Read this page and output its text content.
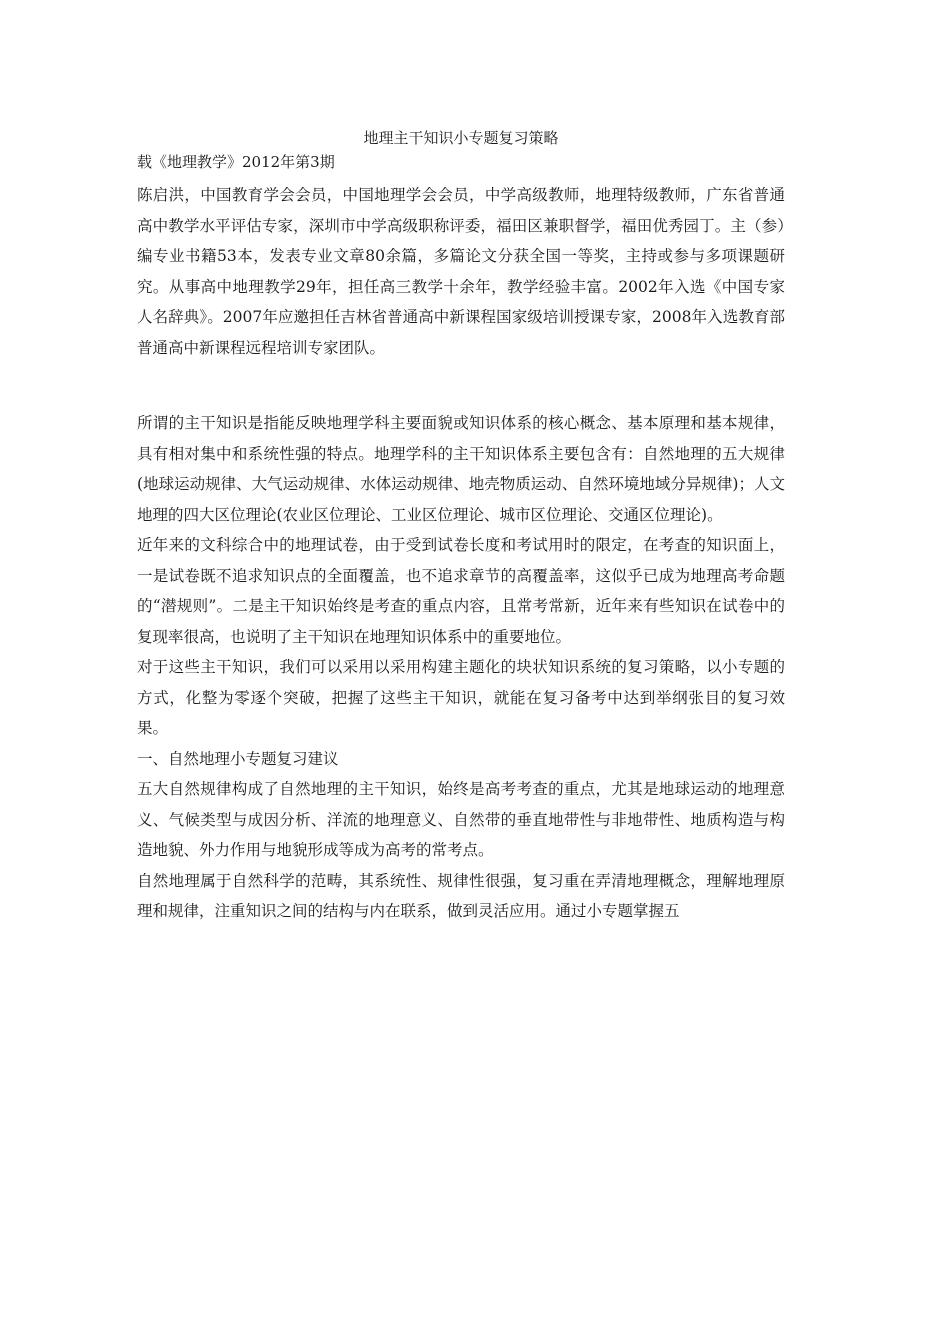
地理主干知识小专题复习策略

载《地理教学》2012年第3期

陈启洪，中国教育学会会员，中国地理学会会员，中学高级教师，地理特级教师，广东省普通高中教学水平评估专家，深圳市中学高级职称评委，福田区兼职督学，福田优秀园丁。主（参）编专业书籍53本，发表专业文章80余篇，多篇论文分获全国一等奖，主持或参与多项课题研究。从事高中地理教学29年，担任高三教学十余年，教学经验丰富。2002年入选《中国专家人名辞典》。2007年应邀担任吉林省普通高中新课程国家级培训授课专家，2008年入选教育部普通高中新课程远程培训专家团队。

所谓的主干知识是指能反映地理学科主要面貌或知识体系的核心概念、基本原理和基本规律，具有相对集中和系统性强的特点。地理学科的主干知识体系主要包含有：自然地理的五大规律(地球运动规律、大气运动规律、水体运动规律、地壳物质运动、自然环境地域分异规律)；人文地理的四大区位理论(农业区位理论、工业区位理论、城市区位理论、交通区位理论)。

近年来的文科综合中的地理试卷，由于受到试卷长度和考试用时的限定，在考查的知识面上，一是试卷既不追求知识点的全面覆盖，也不追求章节的高覆盖率，这似乎已成为地理高考命题的“潜规则”。二是主干知识始终是考查的重点内容，且常考常新，近年来有些知识在试卷中的复现率很高，也说明了主干知识在地理知识体系中的重要地位。

对于这些主干知识，我们可以采用以采用构建主题化的块状知识系统的复习策略，以小专题的方式，化整为零逐个突破，把握了这些主干知识，就能在复习备考中达到举纲张目的复习效果。

一、自然地理小专题复习建议

五大自然规律构成了自然地理的主干知识，始终是高考考查的重点，尤其是地球运动的地理意义、气候类型与成因分析、洋流的地理意义、自然带的垂直地带性与非地带性、地质构造与构造地貌、外力作用与地貌形成等成为高考的常考点。

自然地理属于自然科学的范畴，其系统性、规律性很强，复习重在弄清地理概念，理解地理原理和规律，注重知识之间的结构与内在联系，做到灵活应用。通过小专题掌握五
